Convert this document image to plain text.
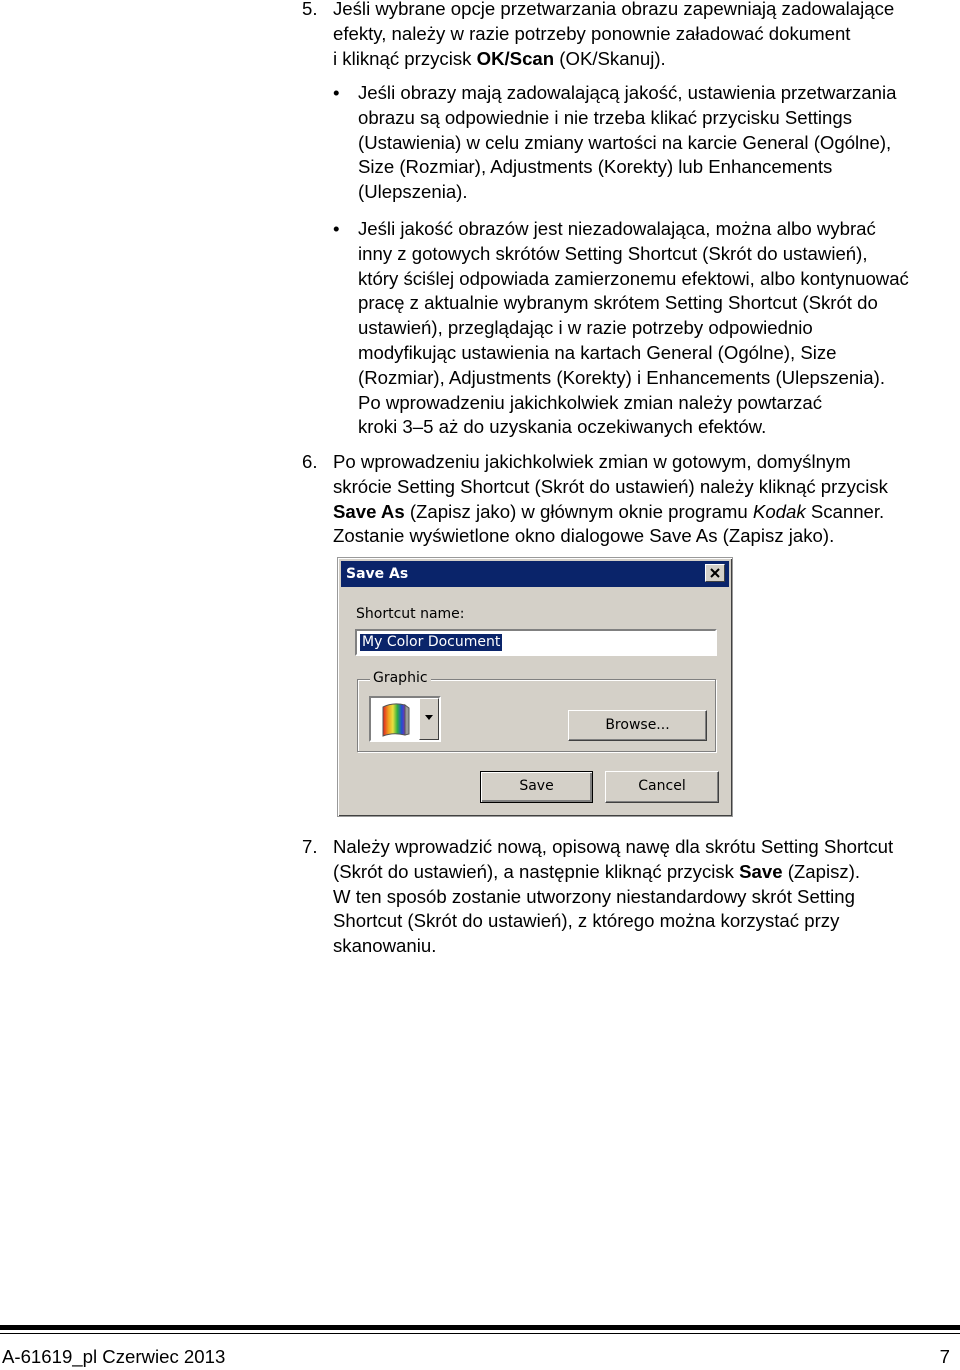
5. Jeśli wybrane opcje przetwarzania obrazu zapewniają zadowalające
efekty, należy w razie potrzeby ponownie załadować dokument
i kliknąć przycisk OK/Scan (OK/Skanuj).
• Jeśli obrazy mają zadowalającą jakość, ustawienia przetwarzania
obrazu są odpowiednie i nie trzeba klikać przycisku Settings
(Ustawienia) w celu zmiany wartości na karcie General (Ogólne),
Size (Rozmiar), Adjustments (Korekty) lub Enhancements
(Ulepszenia).
• Jeśli jakość obrazów jest niezadowalająca, można albo wybrać
inny z gotowych skrótów Setting Shortcut (Skrót do ustawień),
który ściślej odpowiada zamierzonemu efektowi, albo kontynuować
pracę z aktualnie wybranym skrótem Setting Shortcut (Skrót do
ustawień), przeglądając i w razie potrzeby odpowiednio
modyfikując ustawienia na kartach General (Ogólne), Size
(Rozmiar), Adjustments (Korekty) i Enhancements (Ulepszenia).
Po wprowadzeniu jakichkolwiek zmian należy powtarzać
kroki 3–5 aż do uzyskania oczekiwanych efektów.
6. Po wprowadzeniu jakichkolwiek zmian w gotowym, domyślnym
skrócie Setting Shortcut (Skrót do ustawień) należy kliknąć przycisk
Save As (Zapisz jako) w głównym oknie programu Kodak Scanner.
Zostanie wyświetlone okno dialogowe Save As (Zapisz jako).
Save As
Shortcut name:
My Color Document
Graphic
Browse...
Save	Cancel
7. Należy wprowadzić nową, opisową nawę dla skrótu Setting Shortcut
(Skrót do ustawień), a następnie kliknąć przycisk Save (Zapisz).
W ten sposób zostanie utworzony niestandardowy skrót Setting
Shortcut (Skrót do ustawień), z którego można korzystać przy
skanowaniu.
A-61619_pl Czerwiec 2013	7
